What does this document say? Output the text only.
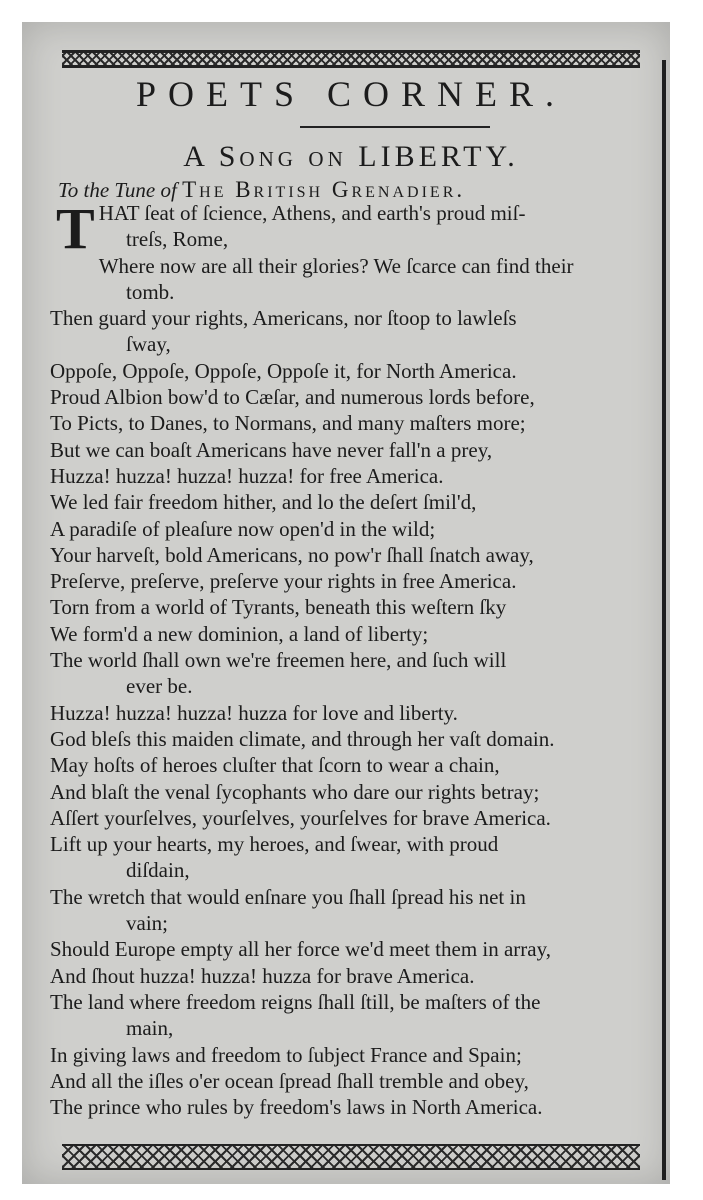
POETS CORNER.
A Song on LIBERTY.
To the Tune of The British Grenadier.
T HAT ſeat of ſcience, Athens, and earth's proud miſ-
treſs, Rome,
Where now are all their glories? We ſcarce can find their
tomb.
Then guard your rights, Americans, nor ſtoop to lawleſs
ſway,
Oppoſe, Oppoſe, Oppoſe, Oppoſe it, for North America.
Proud Albion bow'd to Cæſar, and numerous lords before,
To Picts, to Danes, to Normans, and many maſters more;
But we can boaſt Americans have never fall'n a prey,
Huzza! huzza! huzza! huzza! for free America.
We led fair freedom hither, and lo the deſert ſmil'd,
A paradiſe of pleaſure now open'd in the wild;
Your harveſt, bold Americans, no pow'r ſhall ſnatch away,
Preſerve, preſerve, preſerve your rights in free America.
Torn from a world of Tyrants, beneath this weſtern ſky
We form'd a new dominion, a land of liberty;
The world ſhall own we're freemen here, and ſuch will
ever be.
Huzza! huzza! huzza! huzza for love and liberty.
God bleſs this maiden climate, and through her vaſt domain.
May hoſts of heroes cluſter that ſcorn to wear a chain,
And blaſt the venal ſycophants who dare our rights betray;
Aſſert yourſelves, yourſelves, yourſelves for brave America.
Lift up your hearts, my heroes, and ſwear, with proud
diſdain,
The wretch that would enſnare you ſhall ſpread his net in
vain;
Should Europe empty all her force we'd meet them in array,
And ſhout huzza! huzza! huzza for brave America.
The land where freedom reigns ſhall ſtill, be maſters of the
main,
In giving laws and freedom to ſubject France and Spain;
And all the iſles o'er ocean ſpread ſhall tremble and obey,
The prince who rules by freedom's laws in North America.
